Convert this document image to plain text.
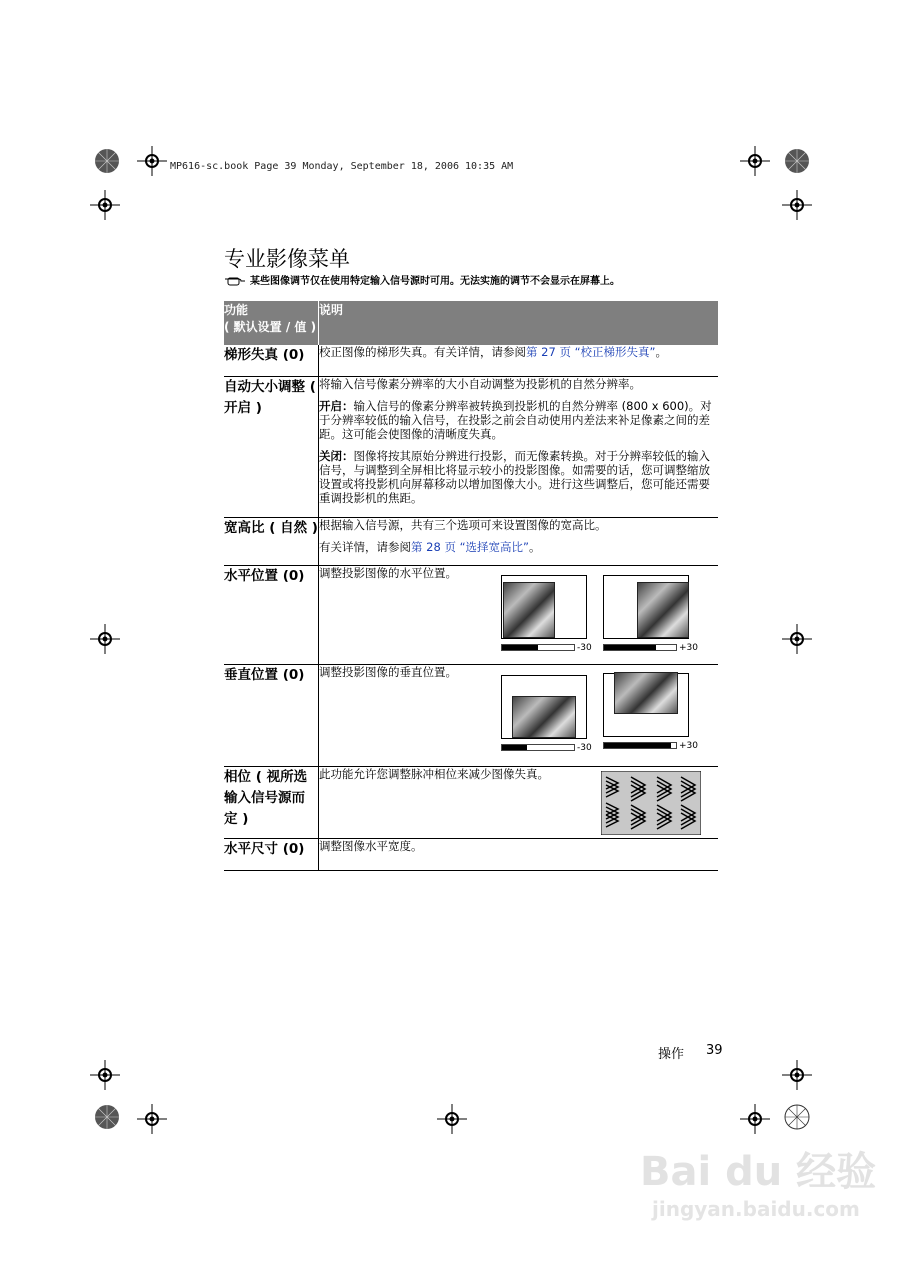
MP616-sc.book Page 39 Monday, September 18, 2006 10:35 AM
专业影像菜单
某些图像调节仅在使用特定输入信号源时可用。无法实施的调节不会显示在屏幕上。
功能
( 默认设置 / 值 )	说明
梯形失真 (0)	校正图像的梯形失真。有关详情，请参阅第 27 页 “校正梯形失真”。
自动大小调整 ( 开启 )	将输入信号像素分辨率的大小自动调整为投影机的自然分辨率。

开启：输入信号的像素分辨率被转换到投影机的自然分辨率 (800 x 600)。对于分辨率较低的输入信号，在投影之前会自动使用内差法来补足像素之间的差距。这可能会使图像的清晰度失真。

关闭：图像将按其原始分辨进行投影，而无像素转换。对于分辨率较低的输入信号，与调整到全屏相比将显示较小的投影图像。如需要的话，您可调整缩放设置或将投影机向屏幕移动以增加图像大小。进行这些调整后，您可能还需要重调投影机的焦距。

宽高比 ( 自然 )	根据输入信号源，共有三个选项可来设置图像的宽高比。

有关详情，请参阅第 28 页 “选择宽高比”。

水平位置 (0)	调整投影图像的水平位置。
-30 +30

垂直位置 (0)	调整投影图像的垂直位置。
-30 +30

相位 ( 视所选输入信号源而定 )	此功能允许您调整脉冲相位来减少图像失真。

水平尺寸 (0)	调整图像水平宽度。
操作 39
Bai du 经验
jingyan.baidu.com
